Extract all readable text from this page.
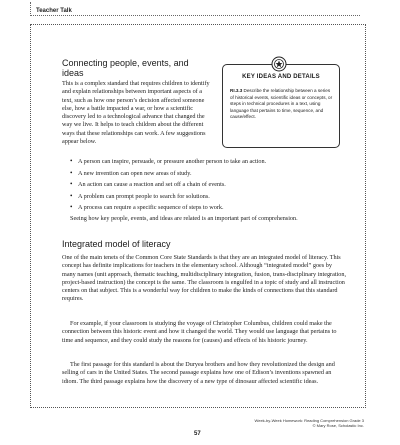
Teacher Talk
Connecting people, events, and ideas

This is a complex standard that requires children to identify and explain relationships between important aspects of a text, such as how one person’s decision affected someone else, how a battle impacted a war, or how a scientific discovery led to a technological advance that changed the way we live. It helps to teach children about the different ways that these relationships can work. A few suggestions appear below.

KEY IDEAS AND DETAILS

RI.3.3 Describe the relationship between a series of historical events, scientific ideas or concepts, or steps in technical procedures in a text, using language that pertains to time, sequence, and cause/effect.

• A person can inspire, persuade, or pressure another person to take an action.
• A new invention can open new areas of study.
• An action can cause a reaction and set off a chain of events.
• A problem can prompt people to search for solutions.
• A process can require a specific sequence of steps to work.

Seeing how key people, events, and ideas are related is an important part of comprehension.

Integrated model of literacy

One of the main tenets of the Common Core State Standards is that they are an integrated model of literacy. This concept has definite implications for teachers in the elementary school. Although “integrated model” goes by many names (unit approach, thematic teaching, multidisciplinary integration, fusion, trans-disciplinary integration, project-based instruction) the concept is the same. The classroom is engulfed in a topic of study and all instruction centers on that subject. This is a wonderful way for children to make the kinds of connections that this standard requires.

For example, if your classroom is studying the voyage of Christopher Columbus, children could make the connection between this historic event and how it changed the world. They would use language that pertains to time and sequence, and they could study the reasons for (causes) and effects of his historic journey.

The first passage for this standard is about the Duryea brothers and how they revolutionized the design and selling of cars in the United States. The second passage explains how one of Edison’s inventions spawned an idiom. The third passage explains how the discovery of a new type of dinosaur affected scientific ideas.

Week-by-Week Homework: Reading Comprehension Grade 3
© Mary Rose, Scholastic Inc.
57
